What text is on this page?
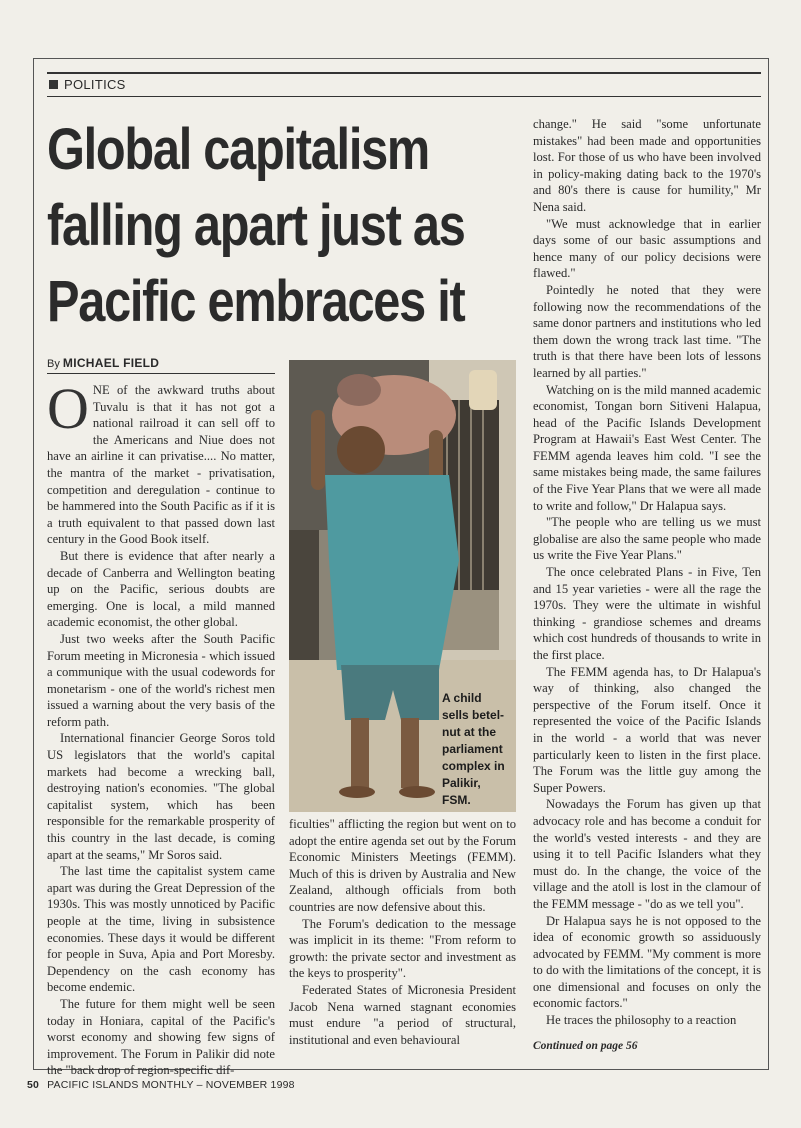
POLITICS
Global capitalism
falling apart just as
Pacific embraces it
By MICHAEL FIELD

ONE of the awkward truths about Tuvalu is that it has not got a national railroad it can sell off to the Americans and Niue does not have an airline it can privatise.... No matter, the mantra of the market - privatisation, competition and deregulation - continue to be hammered into the South Pacific as if it is a truth equivalent to that passed down last century in the Good Book itself.

But there is evidence that after nearly a decade of Canberra and Wellington beating up on the Pacific, serious doubts are emerging. One is local, a mild manned academic economist, the other global.

Just two weeks after the South Pacific Forum meeting in Micronesia - which issued a communique with the usual codewords for monetarism - one of the world's richest men issued a warning about the very basis of the reform path.

International financier George Soros told US legislators that the world's capital markets had become a wrecking ball, destroying nation's economies. "The global capitalist system, which has been responsible for the remarkable prosperity of this country in the last decade, is coming apart at the seams," Mr Soros said.

The last time the capitalist system came apart was during the Great Depression of the 1930s. This was mostly unnoticed by Pacific people at the time, living in subsistence economies. These days it would be different for people in Suva, Apia and Port Moresby. Dependency on the cash economy has become endemic.

The future for them might well be seen today in Honiara, capital of the Pacific's worst economy and showing few signs of improvement. The Forum in Palikir did note the "back drop of region-specific dif-

A child
sells betel-
nut at the
parliament
complex in
Palikir,
FSM.

ficulties" afflicting the region but went on to adopt the entire agenda set out by the Forum Economic Ministers Meetings (FEMM). Much of this is driven by Australia and New Zealand, although officials from both countries are now defensive about this.

The Forum's dedication to the message was implicit in its theme: "From reform to growth: the private sector and investment as the keys to prosperity".

Federated States of Micronesia President Jacob Nena warned stagnant economies must endure "a period of structural, institutional and even behavioural

change." He said "some unfortunate mistakes" had been made and opportunities lost. For those of us who have been involved in policy-making dating back to the 1970's and 80's there is cause for humility," Mr Nena said.

"We must acknowledge that in earlier days some of our basic assumptions and hence many of our policy decisions were flawed."

Pointedly he noted that they were following now the recommendations of the same donor partners and institutions who led them down the wrong track last time. "The truth is that there have been lots of lessons learned by all parties."

Watching on is the mild manned academic economist, Tongan born Sitiveni Halapua, head of the Pacific Islands Development Program at Hawaii's East West Center. The FEMM agenda leaves him cold. "I see the same mistakes being made, the same failures of the Five Year Plans that we were all made to write and follow," Dr Halapua says.

"The people who are telling us we must globalise are also the same people who made us write the Five Year Plans."

The once celebrated Plans - in Five, Ten and 15 year varieties - were all the rage the 1970s. They were the ultimate in wishful thinking - grandiose schemes and dreams which cost hundreds of thousands to write in the first place.

The FEMM agenda has, to Dr Halapua's way of thinking, also changed the perspective of the Forum itself. Once it represented the voice of the Pacific Islands in the world - a world that was never particularly keen to listen in the first place. The Forum was the little guy among the Super Powers.

Nowadays the Forum has given up that advocacy role and has become a conduit for the world's vested interests - and they are using it to tell Pacific Islanders what they must do. In the change, the voice of the village and the atoll is lost in the clamour of the FEMM message - "do as we tell you".

Dr Halapua says he is not opposed to the idea of economic growth so assiduously advocated by FEMM. "My comment is more to do with the limitations of the concept, it is one dimensional and focuses on only the economic factors."

He traces the philosophy to a reaction

Continued on page 56
50 PACIFIC ISLANDS MONTHLY – NOVEMBER 1998
